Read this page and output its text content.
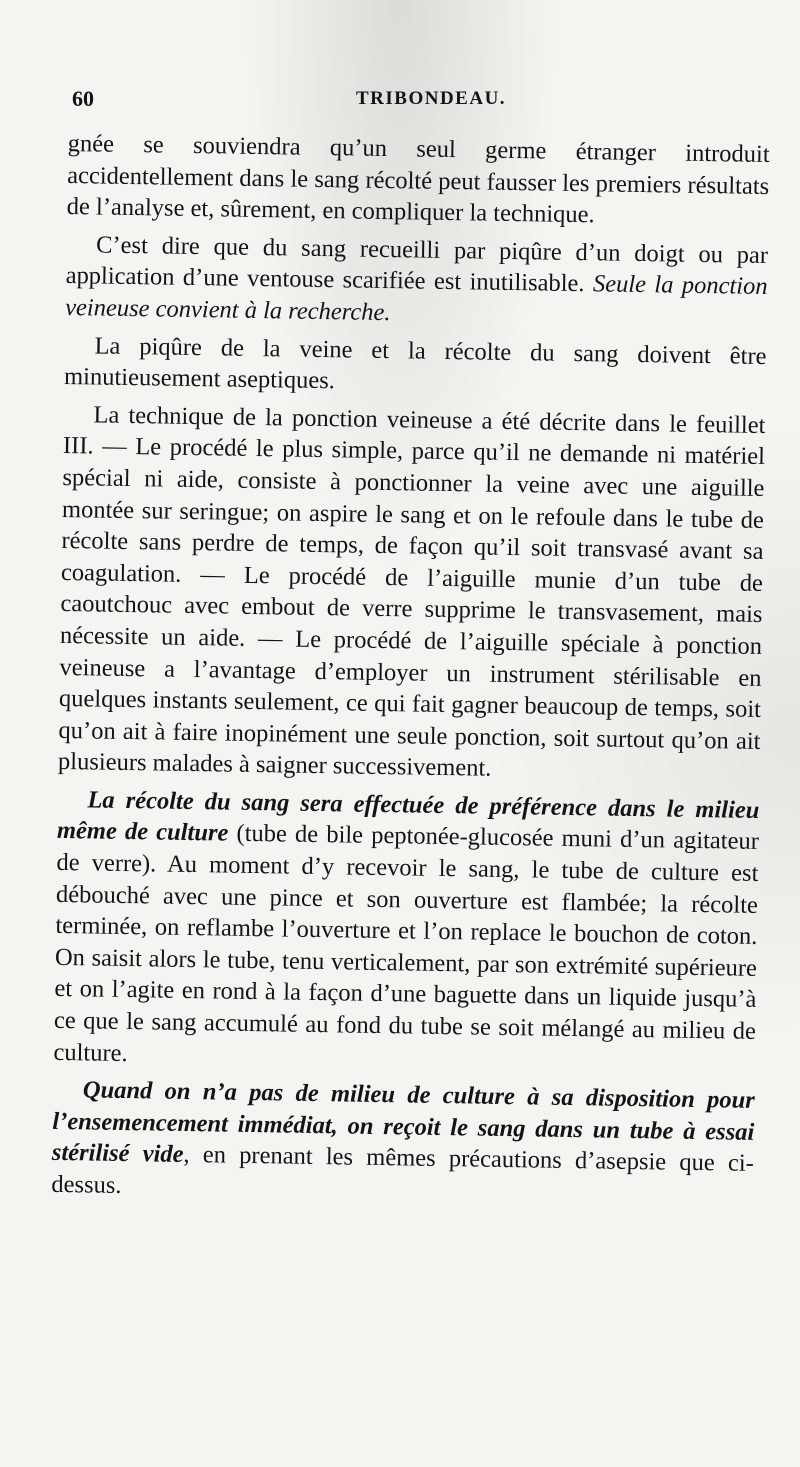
60	TRIBONDEAU.

gnée se souviendra qu’un seul germe étranger introduit accidentellement dans le sang récolté peut fausser les premiers résultats de l’analyse et, sûrement, en compliquer la technique.

C’est dire que du sang recueilli par piqûre d’un doigt ou par application d’une ventouse scarifiée est inutilisable. Seule la ponction veineuse convient à la recherche.

La piqûre de la veine et la récolte du sang doivent être minutieusement aseptiques.

La technique de la ponction veineuse a été décrite dans le feuillet III. — Le procédé le plus simple, parce qu’il ne demande ni matériel spécial ni aide, consiste à ponctionner la veine avec une aiguille montée sur seringue; on aspire le sang et on le refoule dans le tube de récolte sans perdre de temps, de façon qu’il soit transvasé avant sa coagulation. — Le procédé de l’aiguille munie d’un tube de caoutchouc avec embout de verre supprime le transvasement, mais nécessite un aide. — Le procédé de l’aiguille spéciale à ponction veineuse a l’avantage d’employer un instrument stérilisable en quelques instants seulement, ce qui fait gagner beaucoup de temps, soit qu’on ait à faire inopinément une seule ponction, soit surtout qu’on ait plusieurs malades à saigner successivement.

La récolte du sang sera effectuée de préférence dans le milieu même de culture (tube de bile peptonée-glucosée muni d’un agitateur de verre). Au moment d’y recevoir le sang, le tube de culture est débouché avec une pince et son ouverture est flambée; la récolte terminée, on reflambe l’ouverture et l’on replace le bouchon de coton. On saisit alors le tube, tenu verticalement, par son extrémité supérieure et on l’agite en rond à la façon d’une baguette dans un liquide jusqu’à ce que le sang accumulé au fond du tube se soit mélangé au milieu de culture.

Quand on n’a pas de milieu de culture à sa disposition pour l’ensemencement immédiat, on reçoit le sang dans un tube à essai stérilisé vide, en prenant les mêmes précautions d’asepsie que ci-dessus.
